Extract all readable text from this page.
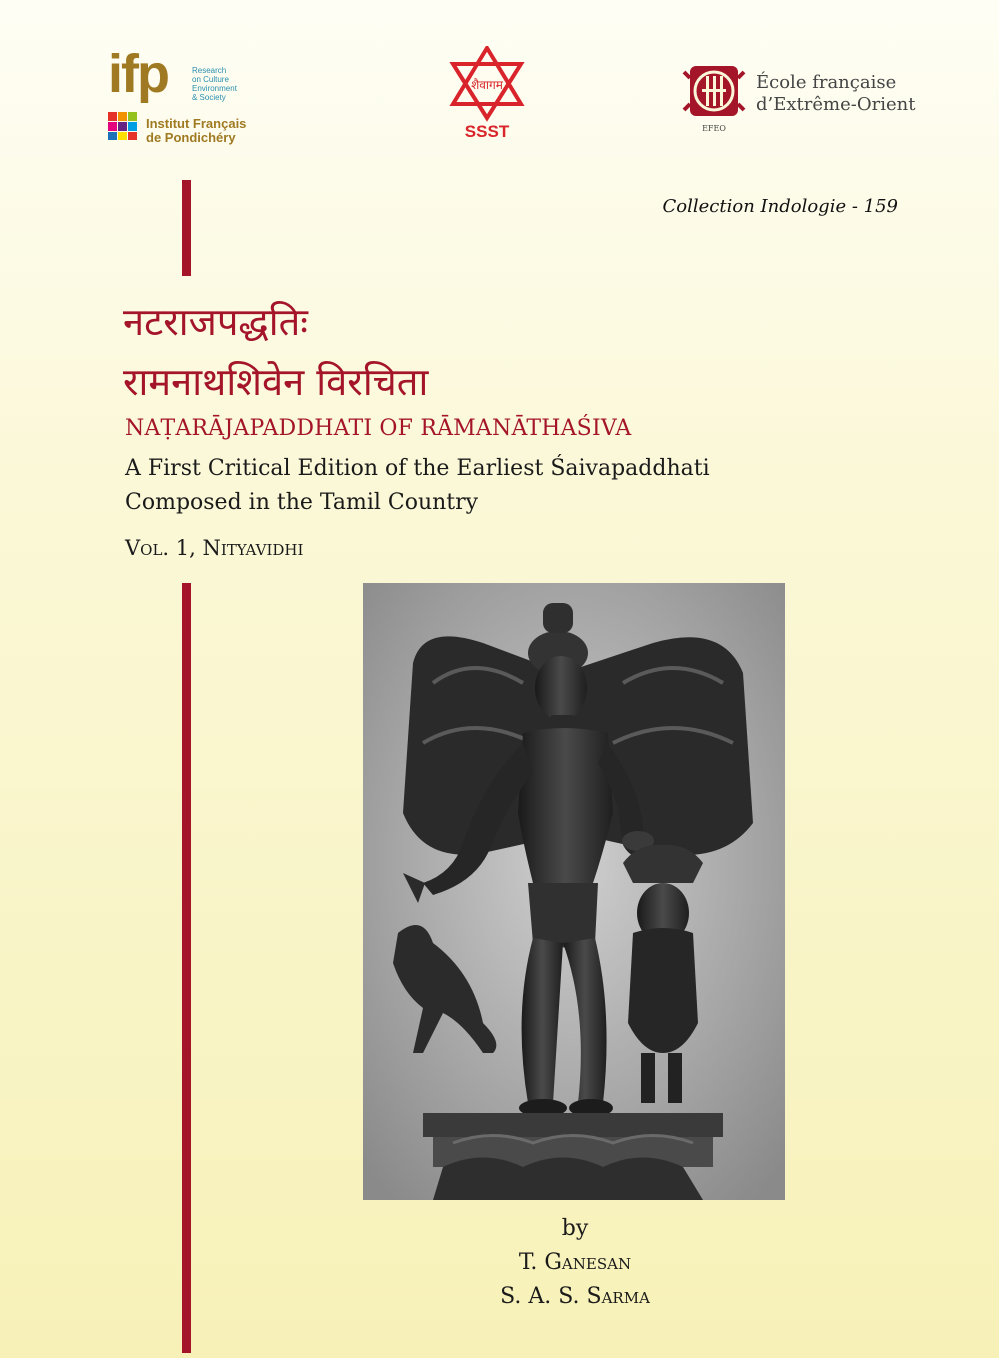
ifp	Research
on Culture
Environment
& Society
Institut Français
de Pondichéry
शैवागम
SSST	EFEO
École française
d’Extrême-Orient
Collection Indologie - 159
नटराजपद्धतिः
रामनाथशिवेन विरचिता
NAṬARĀJAPADDHATI OF RĀMANĀTHAŚIVA
A First Critical Edition of the Earliest Śaivapaddhati
Composed in the Tamil Country
Vol. 1, Nityavidhi
by
T. Ganesan
S. A. S. Sarma
